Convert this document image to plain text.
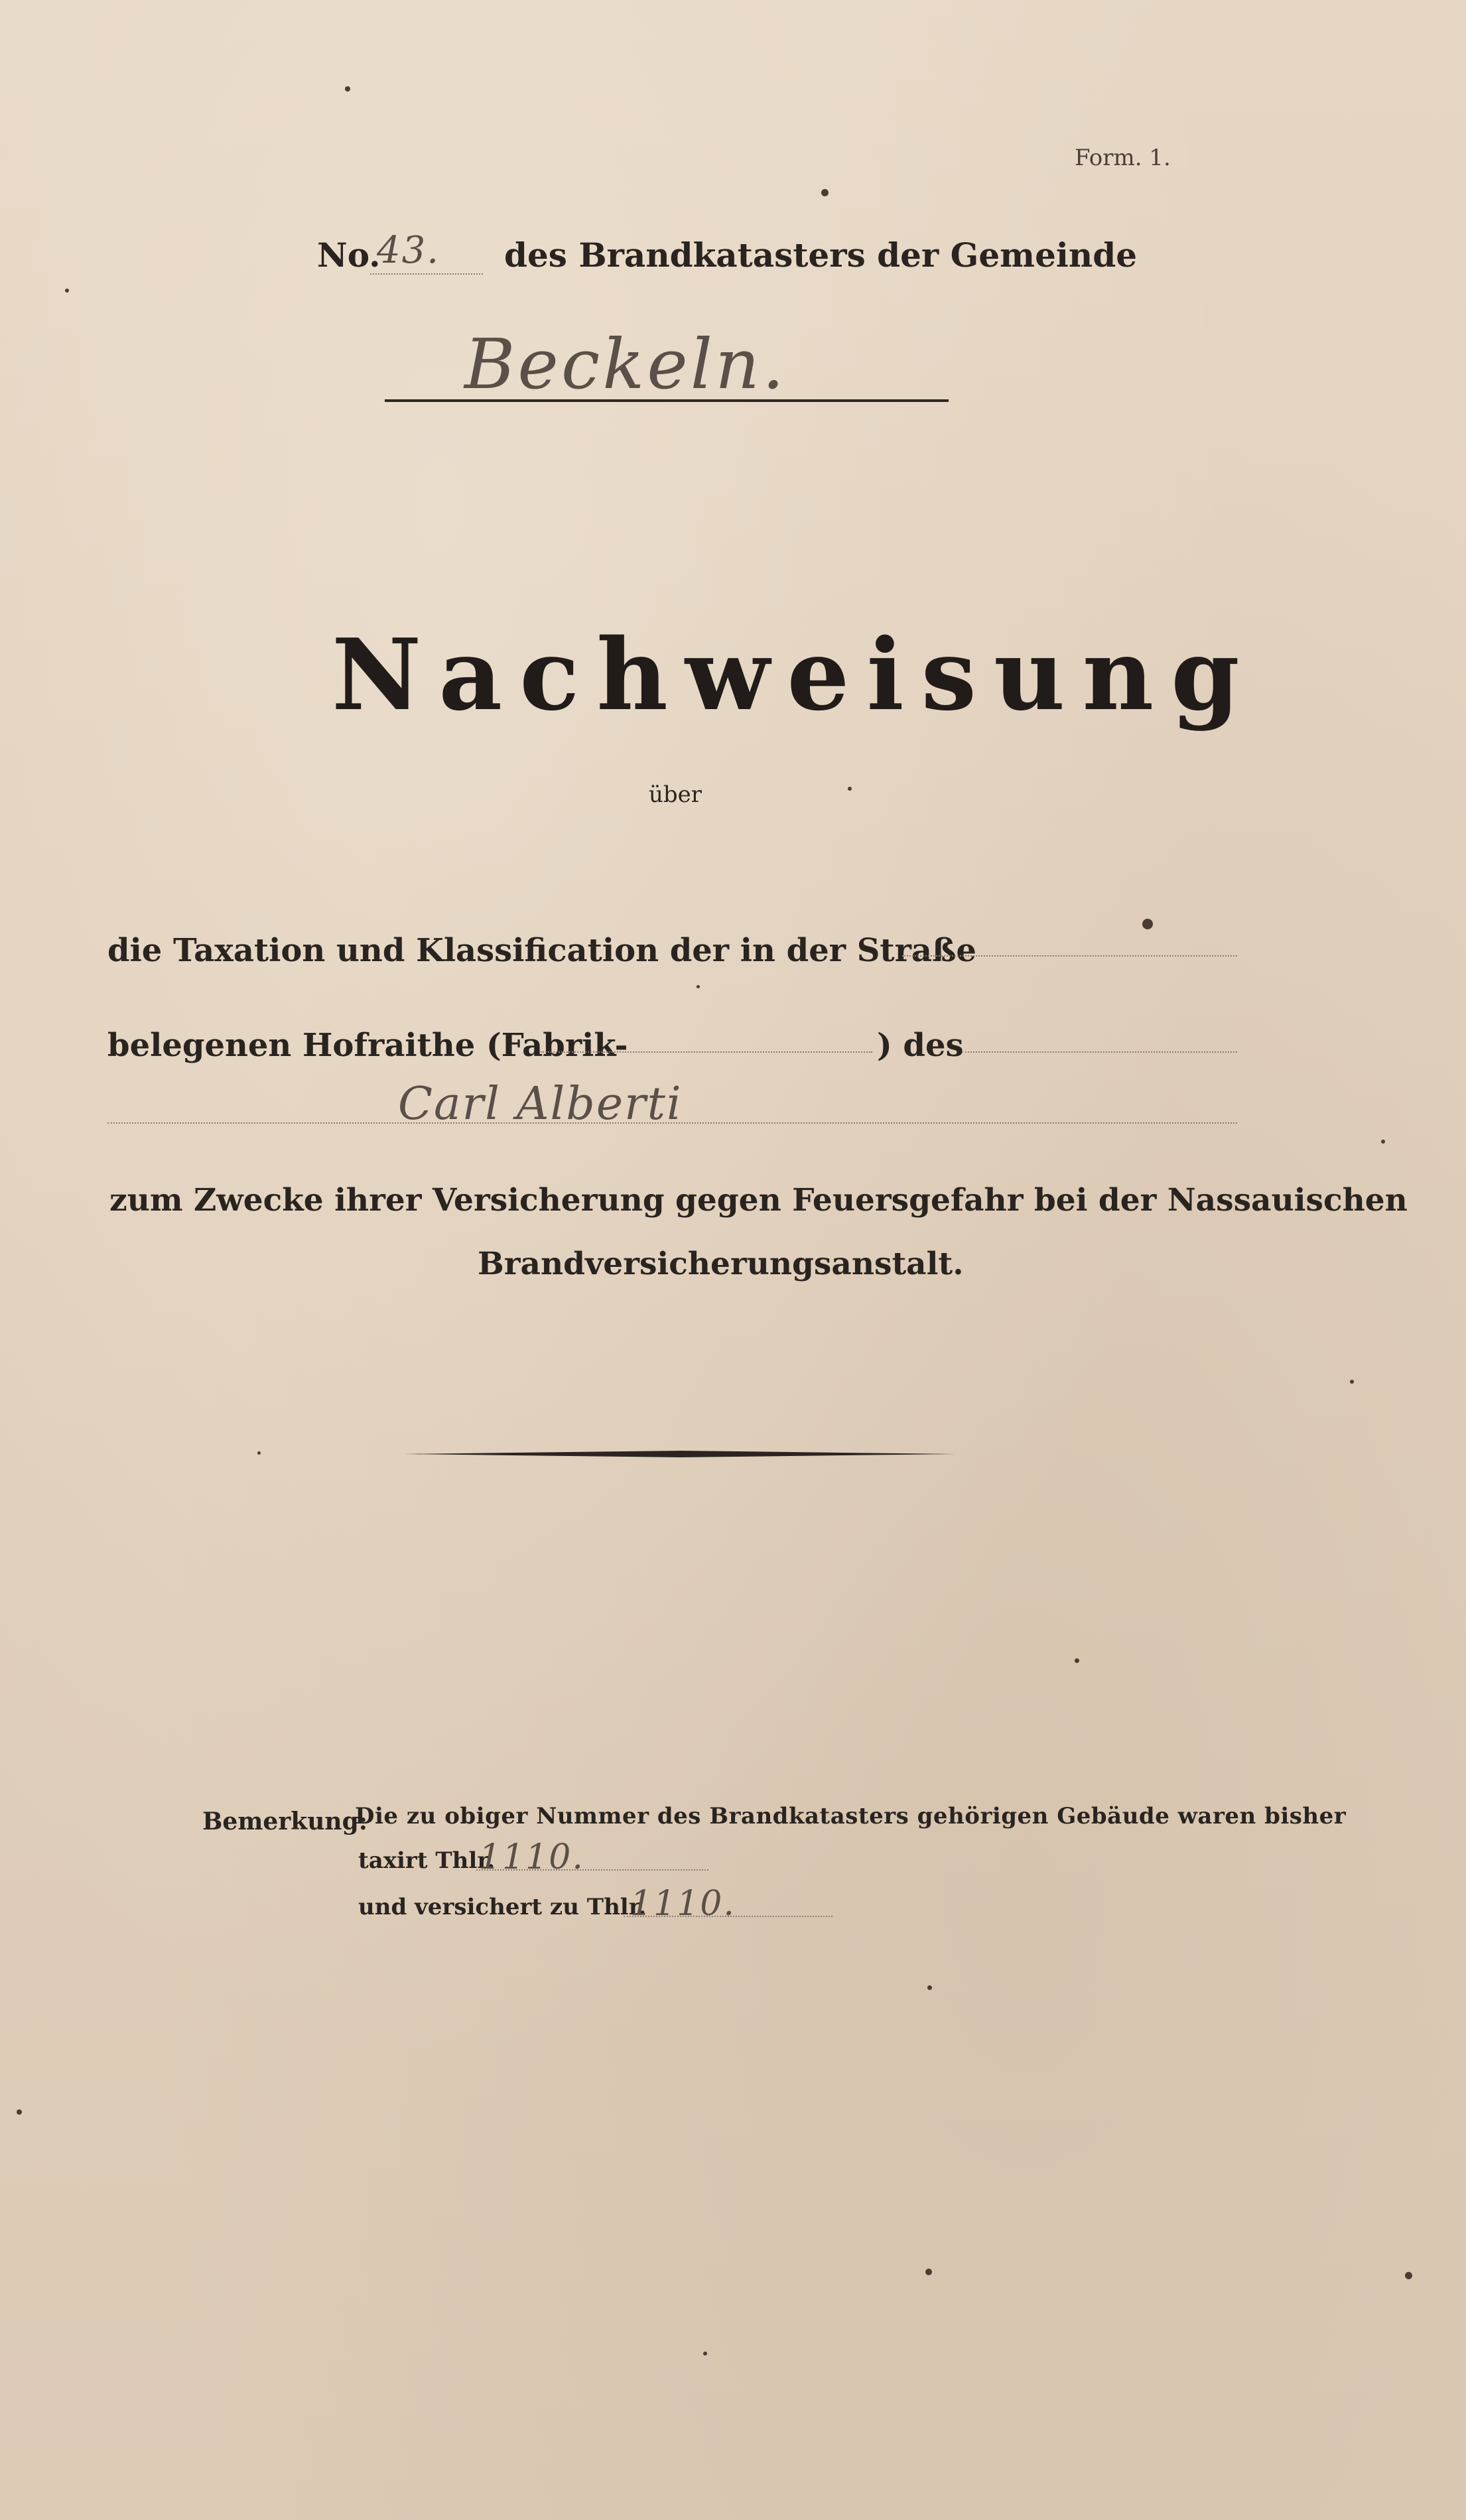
Form. 1.
No.
43. des Brandkatasters der Gemeinde
Beckeln.
Nachweisung
über
die Taxation und Klassification der in der Straße
belegenen Hofraithe (Fabrik-	) des
Carl Alberti
zum Zwecke ihrer Versicherung gegen Feuersgefahr bei der Nassauischen
Brandversicherungsanstalt.
Bemerkung:
Die zu obiger Nummer des Brandkatasters gehörigen Gebäude waren bisher
taxirt Thlr.
1110.
und versichert zu Thlr.
1110.
